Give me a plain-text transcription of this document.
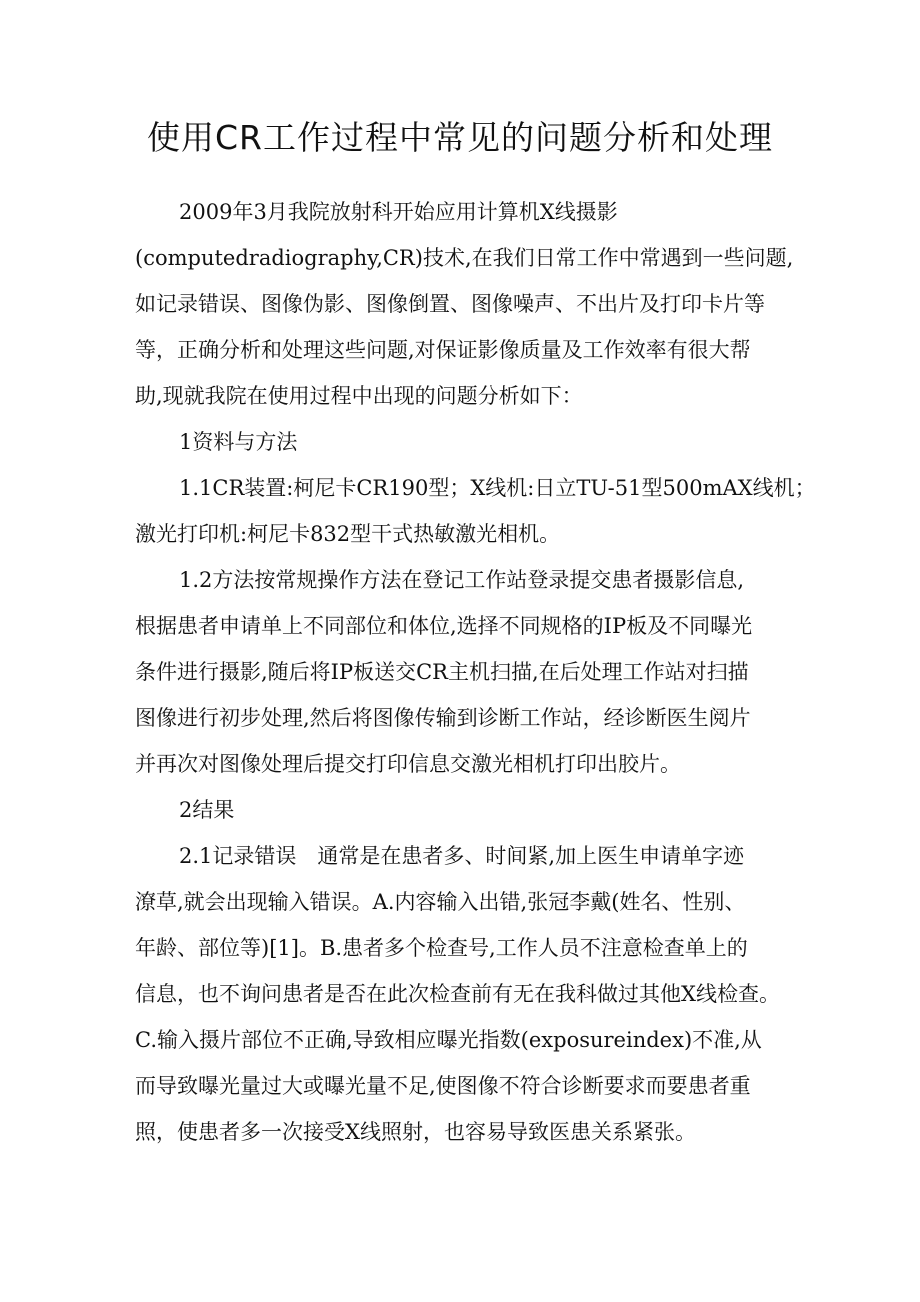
使用CR工作过程中常见的问题分析和处理
2009年3月我院放射科开始应用计算机X线摄影
(computedradiography,CR)技术,在我们日常工作中常遇到一些问题,
如记录错误、图像伪影、图像倒置、图像噪声、不出片及打印卡片等
等，正确分析和处理这些问题,对保证影像质量及工作效率有很大帮
助,现就我院在使用过程中出现的问题分析如下：
1资料与方法
1.1CR装置:柯尼卡CR190型；X线机:日立TU-51型500mAX线机；
激光打印机:柯尼卡832型干式热敏激光相机。
1.2方法按常规操作方法在登记工作站登录提交患者摄影信息,
根据患者申请单上不同部位和体位,选择不同规格的IP板及不同曝光
条件进行摄影,随后将IP板送交CR主机扫描,在后处理工作站对扫描
图像进行初步处理,然后将图像传输到诊断工作站，经诊断医生阅片
并再次对图像处理后提交打印信息交激光相机打印出胶片。
2结果
2.1记录错误　通常是在患者多、时间紧,加上医生申请单字迹
潦草,就会出现输入错误。A.内容输入出错,张冠李戴(姓名、性别、
年龄、部位等)[1]。B.患者多个检查号,工作人员不注意检查单上的
信息，也不询问患者是否在此次检查前有无在我科做过其他X线检查。
C.输入摄片部位不正确,导致相应曝光指数(exposureindex)不准,从
而导致曝光量过大或曝光量不足,使图像不符合诊断要求而要患者重
照，使患者多一次接受X线照射，也容易导致医患关系紧张。
